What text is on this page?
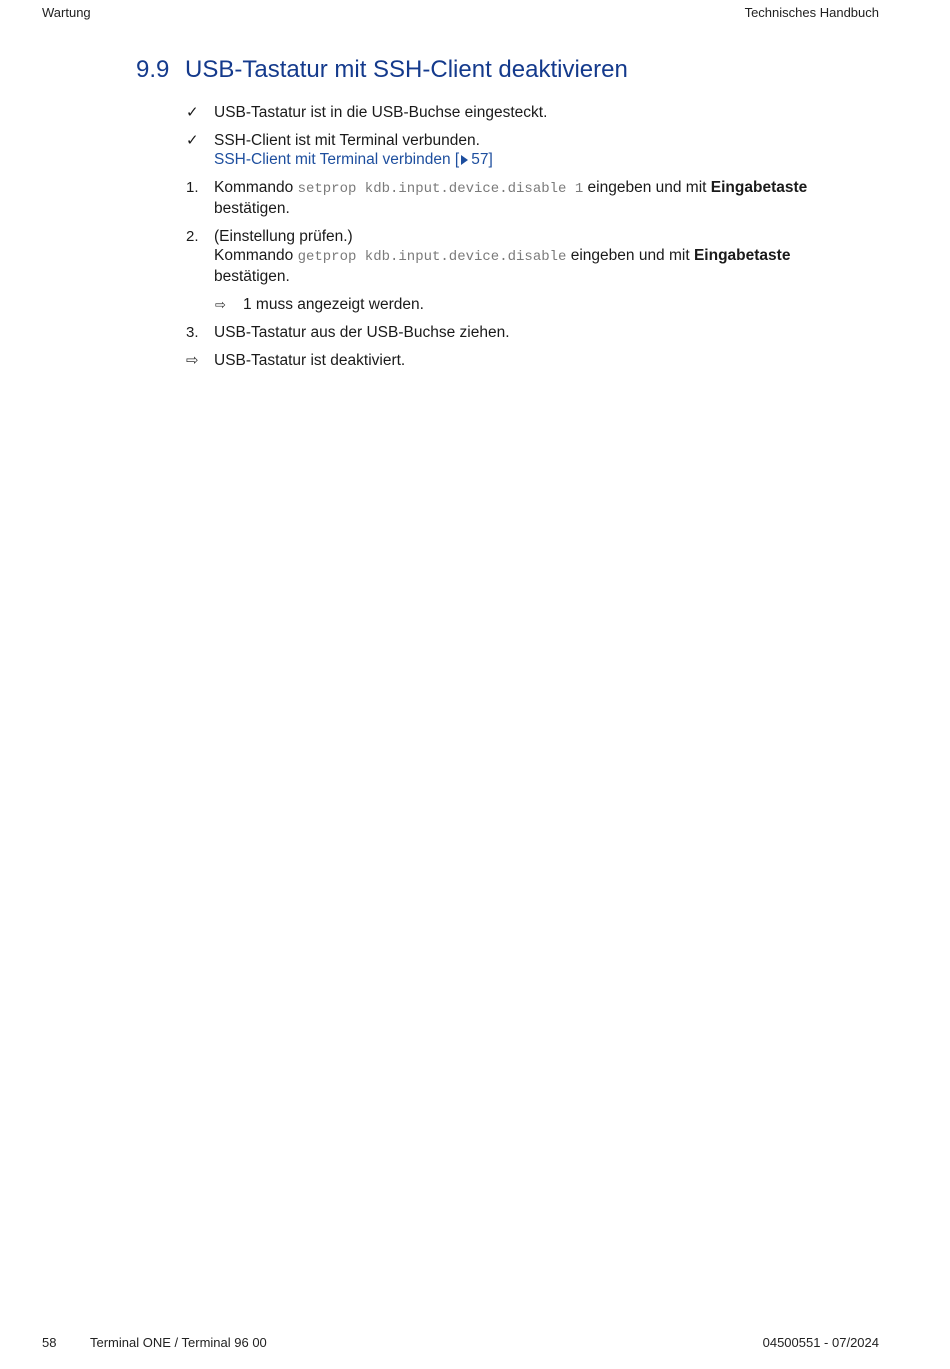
Wartung	Technisches Handbuch
9.9 USB-Tastatur mit SSH-Client deaktivieren
✓ USB-Tastatur ist in die USB-Buchse eingesteckt.
✓ SSH-Client ist mit Terminal verbunden.
SSH-Client mit Terminal verbinden [ 57]
1. Kommando setprop kdb.input.device.disable 1 eingeben und mit Eingabetaste
bestätigen.
2. (Einstellung prüfen.)
Kommando getprop kdb.input.device.disable eingeben und mit Eingabetaste
bestätigen.
⇨	1 muss angezeigt werden.
3. USB-Tastatur aus der USB-Buchse ziehen.
⇨ USB-Tastatur ist deaktiviert.
58	Terminal ONE / Terminal 96 00	04500551 - 07/2024
